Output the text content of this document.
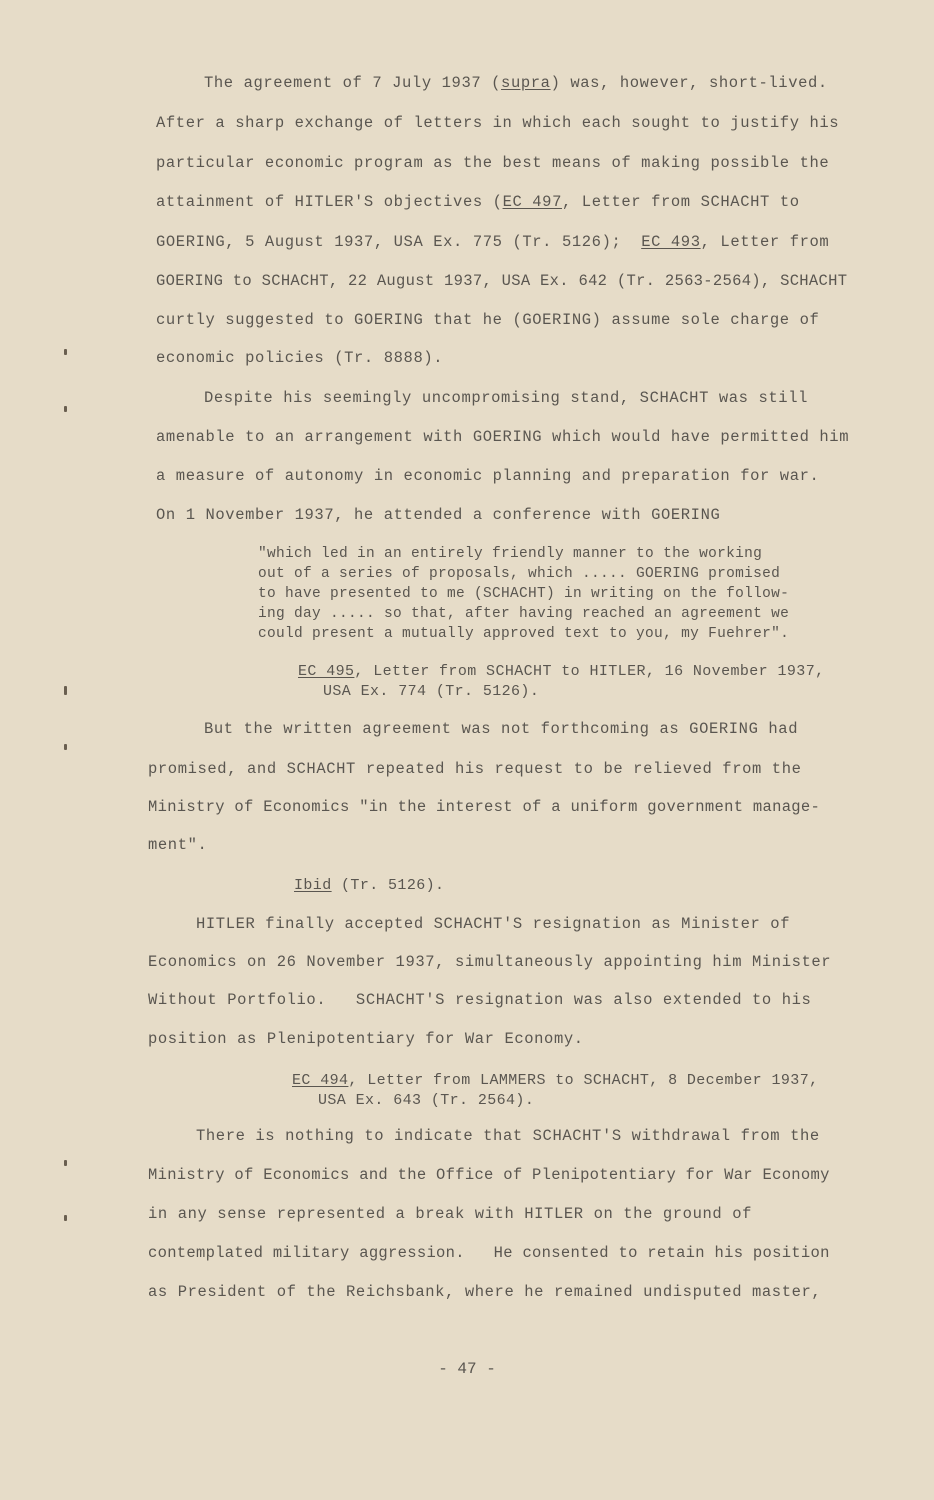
The agreement of 7 July 1937 (supra) was, however, short-lived.
After a sharp exchange of letters in which each sought to justify his
particular economic program as the best means of making possible the
attainment of HITLER'S objectives (EC 497, Letter from SCHACHT to
GOERING, 5 August 1937, USA Ex. 775 (Tr. 5126);  EC 493, Letter from
GOERING to SCHACHT, 22 August 1937, USA Ex. 642 (Tr. 2563-2564), SCHACHT
curtly suggested to GOERING that he (GOERING) assume sole charge of
economic policies (Tr. 8888).
Despite his seemingly uncompromising stand, SCHACHT was still
amenable to an arrangement with GOERING which would have permitted him
a measure of autonomy in economic planning and preparation for war.
On 1 November 1937, he attended a conference with GOERING
"which led in an entirely friendly manner to the working
out of a series of proposals, which ..... GOERING promised
to have presented to me (SCHACHT) in writing on the follow-
ing day ..... so that, after having reached an agreement we
could present a mutually approved text to you, my Fuehrer".
EC 495, Letter from SCHACHT to HITLER, 16 November 1937,
USA Ex. 774 (Tr. 5126).
But the written agreement was not forthcoming as GOERING had
promised, and SCHACHT repeated his request to be relieved from the
Ministry of Economics "in the interest of a uniform government manage-
ment".
Ibid (Tr. 5126).
HITLER finally accepted SCHACHT'S resignation as Minister of
Economics on 26 November 1937, simultaneously appointing him Minister
Without Portfolio.   SCHACHT'S resignation was also extended to his
position as Plenipotentiary for War Economy.
EC 494, Letter from LAMMERS to SCHACHT, 8 December 1937,
USA Ex. 643 (Tr. 2564).
There is nothing to indicate that SCHACHT'S withdrawal from the
Ministry of Economics and the Office of Plenipotentiary for War Economy
in any sense represented a break with HITLER on the ground of
contemplated military aggression.   He consented to retain his position
as President of the Reichsbank, where he remained undisputed master,
- 47 -
